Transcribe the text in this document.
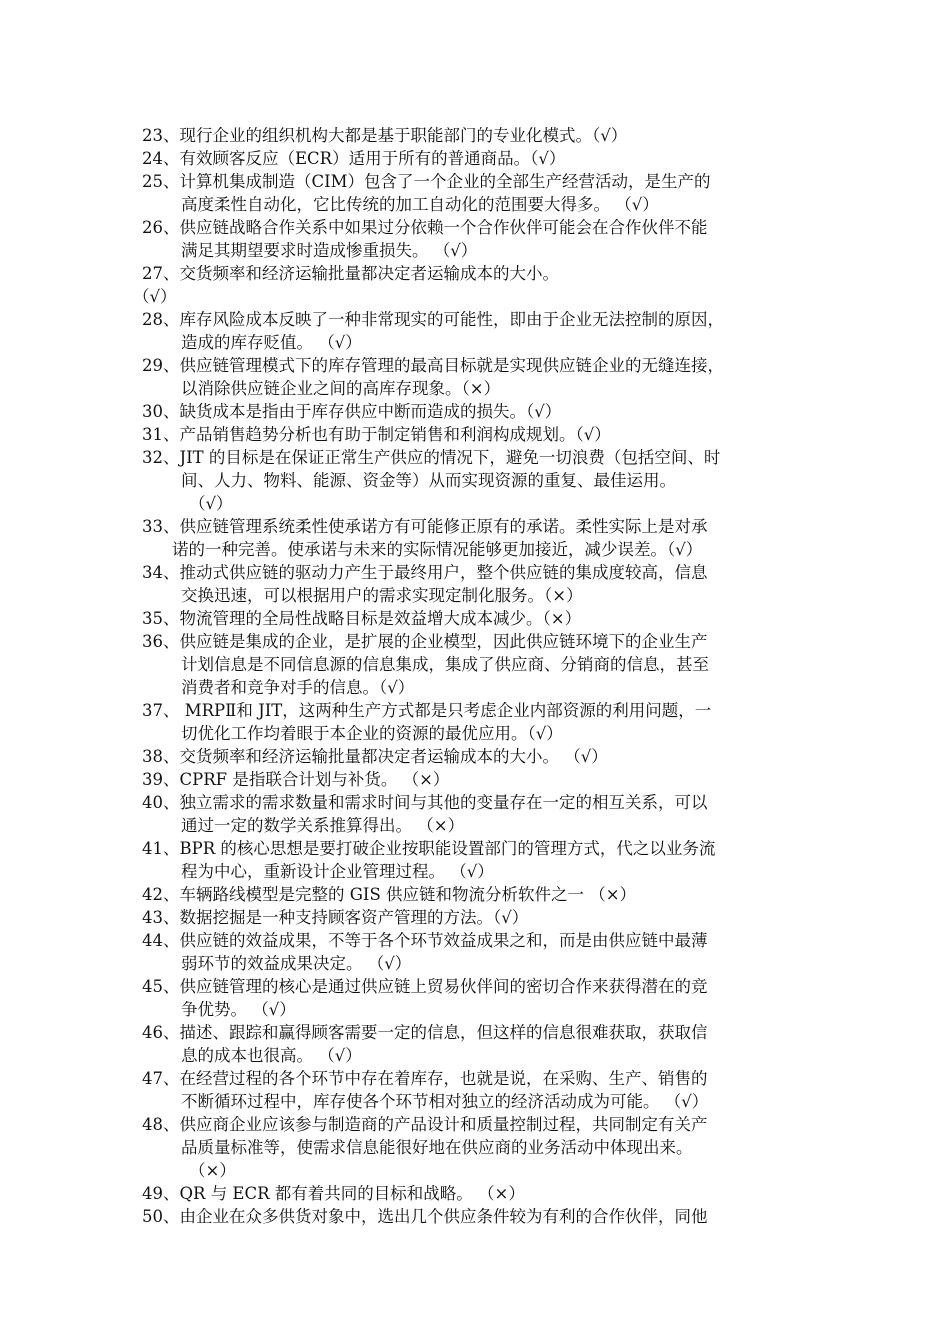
23、现行企业的组织机构大都是基于职能部门的专业化模式。（√）
24、有效顾客反应（ECR）适用于所有的普通商品。（√）
25、计算机集成制造（CIM）包含了一个企业的全部生产经营活动，是生产的
高度柔性自动化，它比传统的加工自动化的范围要大得多。 （√）
26、供应链战略合作关系中如果过分依赖一个合作伙伴可能会在合作伙伴不能
满足其期望要求时造成惨重损失。 （√）
27、交货频率和经济运输批量都决定者运输成本的大小。
（√）
28、库存风险成本反映了一种非常现实的可能性，即由于企业无法控制的原因，
造成的库存贬值。 （√）
29、供应链管理模式下的库存管理的最高目标就是实现供应链企业的无缝连接，
以消除供应链企业之间的高库存现象。（×）
30、缺货成本是指由于库存供应中断而造成的损失。（√）
31、产品销售趋势分析也有助于制定销售和利润构成规划。（√）
32、JIT 的目标是在保证正常生产供应的情况下，避免一切浪费（包括空间、时
间、人力、物料、能源、资金等）从而实现资源的重复、最佳运用。
（√）
33、供应链管理系统柔性使承诺方有可能修正原有的承诺。柔性实际上是对承
诺的一种完善。使承诺与未来的实际情况能够更加接近，减少误差。（√）
34、推动式供应链的驱动力产生于最终用户，整个供应链的集成度较高，信息
交换迅速，可以根据用户的需求实现定制化服务。（×）
35、物流管理的全局性战略目标是效益增大成本减少。（×）
36、供应链是集成的企业，是扩展的企业模型，因此供应链环境下的企业生产
计划信息是不同信息源的信息集成，集成了供应商、分销商的信息，甚至
消费者和竞争对手的信息。（√）
37、 MRPⅡ和 JIT，这两种生产方式都是只考虑企业内部资源的利用问题，一
切优化工作均着眼于本企业的资源的最优应用。（√）
38、交货频率和经济运输批量都决定者运输成本的大小。 （√）
39、CPRF 是指联合计划与补货。 （×）
40、独立需求的需求数量和需求时间与其他的变量存在一定的相互关系，可以
通过一定的数学关系推算得出。 （×）
41、BPR 的核心思想是要打破企业按职能设置部门的管理方式，代之以业务流
程为中心，重新设计企业管理过程。 （√）
42、车辆路线模型是完整的 GIS 供应链和物流分析软件之一 （×）
43、数据挖掘是一种支持顾客资产管理的方法。（√）
44、供应链的效益成果，不等于各个环节效益成果之和，而是由供应链中最薄
弱环节的效益成果决定。 （√）
45、供应链管理的核心是通过供应链上贸易伙伴间的密切合作来获得潜在的竞
争优势。 （√）
46、描述、跟踪和赢得顾客需要一定的信息，但这样的信息很难获取，获取信
息的成本也很高。 （√）
47、在经营过程的各个环节中存在着库存，也就是说，在采购、生产、销售的
不断循环过程中，库存使各个环节相对独立的经济活动成为可能。 （√）
48、供应商企业应该参与制造商的产品设计和质量控制过程，共同制定有关产
品质量标准等，使需求信息能很好地在供应商的业务活动中体现出来。
（×）
49、QR 与 ECR 都有着共同的目标和战略。 （×）
50、由企业在众多供货对象中，选出几个供应条件较为有利的合作伙伴，同他
